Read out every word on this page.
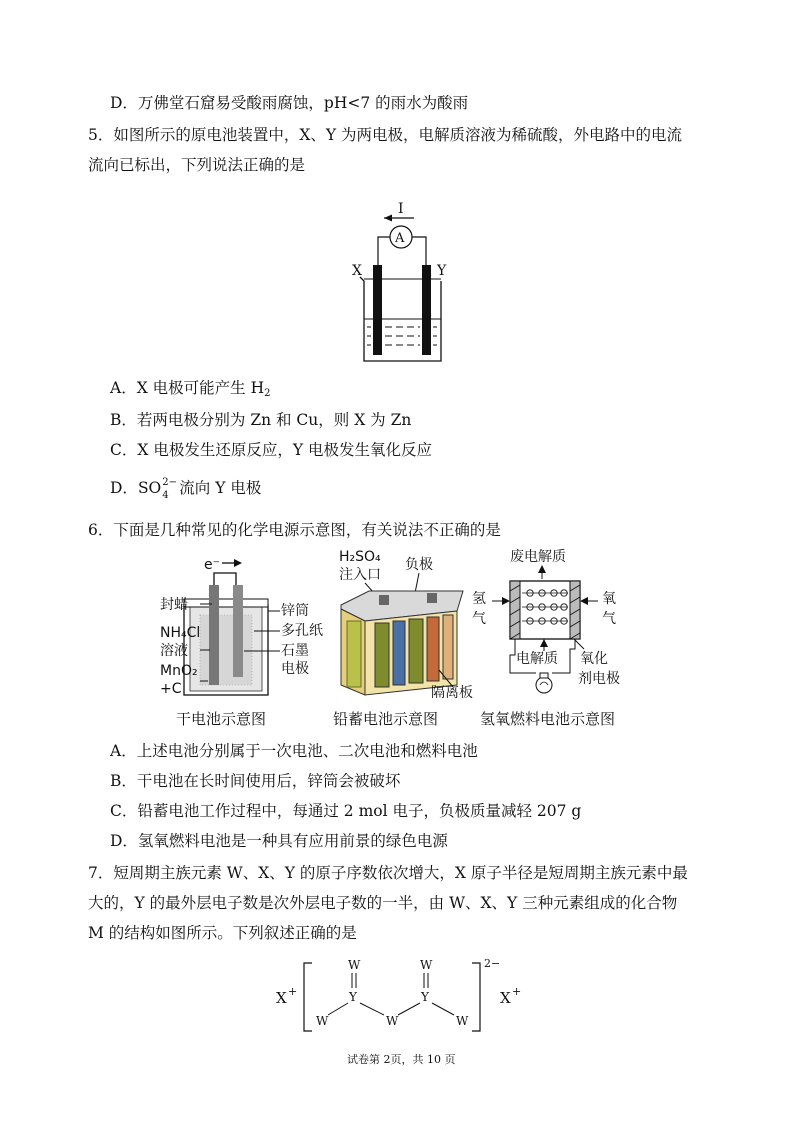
D．万佛堂石窟易受酸雨腐蚀，pH<7 的雨水为酸雨
5．如图所示的原电池装置中，X、Y 为两电极，电解质溶液为稀硫酸，外电路中的电流
流向已标出，下列说法正确的是
I
A
X	Y
A．X 电极可能产生 $H_2$
B．若两电极分别为 Zn 和 Cu，则 X 为 Zn
C．X 电极发生还原反应，Y 电极发生氧化反应
D．SO 2−
4 流向 Y 电极
6．下面是几种常见的化学电源示意图，有关说法不正确的是
e⁻
封蜡
NH₄Cl
溶液
MnO₂
+C
锌筒
多孔纸
石墨
电极
干电池示意图
H₂SO₄
注入口
负极
隔离板
铅蓄电池示意图
废电解质
氢
气
氧
气
电解质 氧化
剂电极
氢氧燃料电池示意图
A．上述电池分别属于一次电池、二次电池和燃料电池
B．干电池在长时间使用后，锌筒会被破坏
C．铅蓄电池工作过程中，每通过 2 mol 电子，负极质量减轻 207 g
D．氢氧燃料电池是一种具有应用前景的绿色电源
7．短周期主族元素 W、X、Y 的原子序数依次增大，X 原子半径是短周期主族元素中最
大的，Y 的最外层电子数是次外层电子数的一半，由 W、X、Y 三种元素组成的化合物
M 的结构如图所示。下列叙述正确的是
X +
2−
X +
W	W
Y	Y
W	W	W
试卷第 2页，共 10 页
